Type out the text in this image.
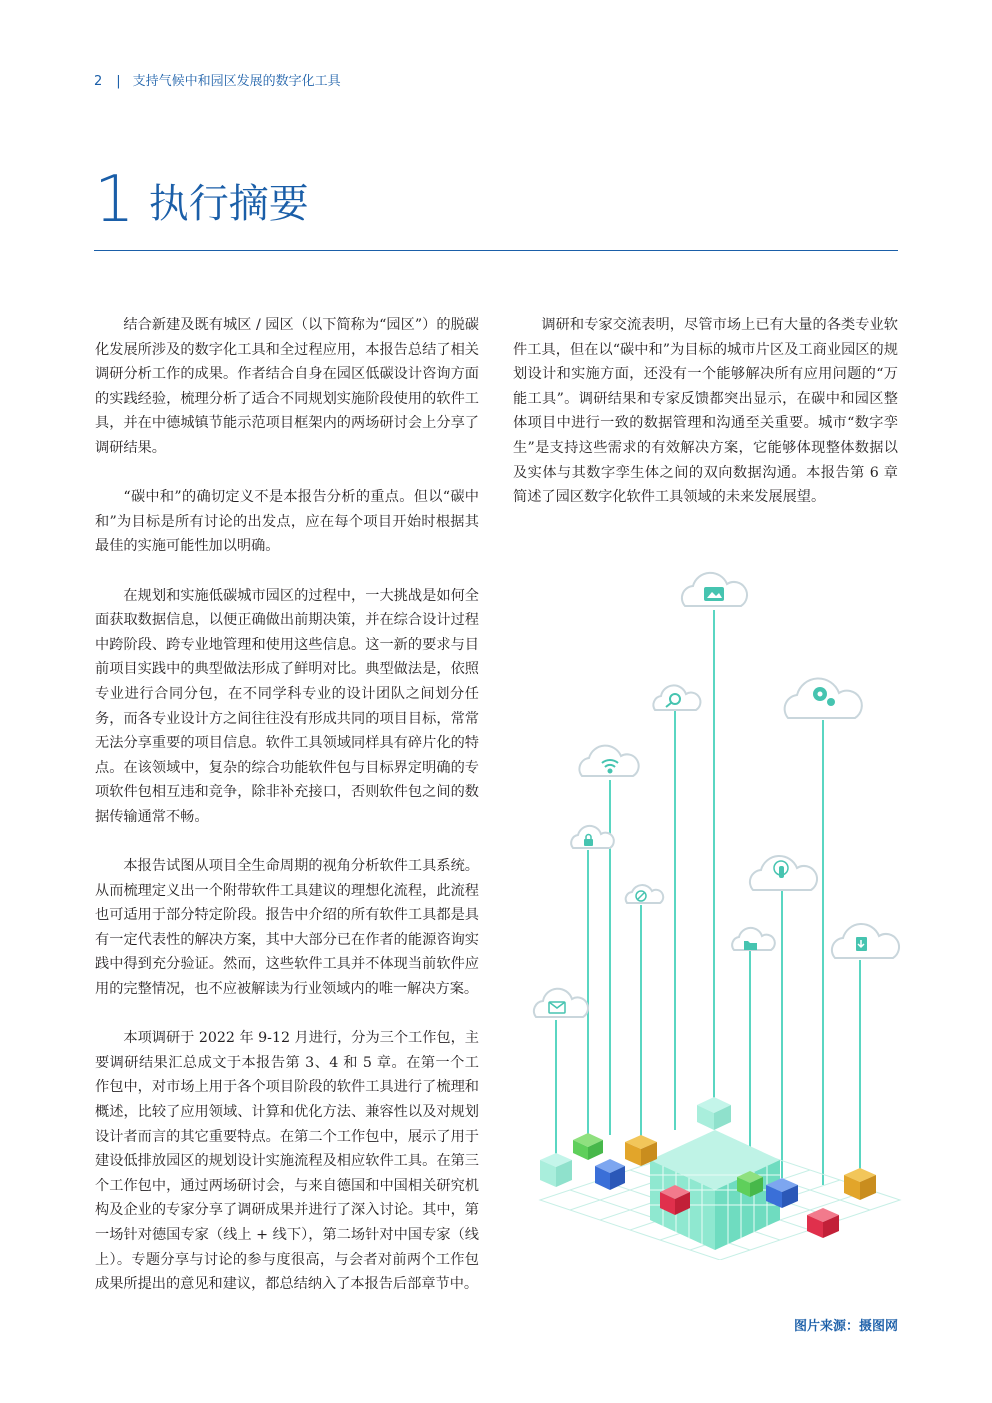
2 | 支持气候中和园区发展的数字化工具
1 执行摘要

结合新建及既有城区 / 园区（以下简称为“园区”）的脱碳化发展所涉及的数字化工具和全过程应用，本报告总结了相关调研分析工作的成果。作者结合自身在园区低碳设计咨询方面的实践经验，梳理分析了适合不同规划实施阶段使用的软件工具，并在中德城镇节能示范项目框架内的两场研讨会上分享了调研结果。

“碳中和”的确切定义不是本报告分析的重点。但以“碳中和”为目标是所有讨论的出发点，应在每个项目开始时根据其最佳的实施可能性加以明确。

在规划和实施低碳城市园区的过程中，一大挑战是如何全面获取数据信息，以便正确做出前期决策，并在综合设计过程中跨阶段、跨专业地管理和使用这些信息。这一新的要求与目前项目实践中的典型做法形成了鲜明对比。典型做法是，依照专业进行合同分包，在不同学科专业的设计团队之间划分任务，而各专业设计方之间往往没有形成共同的项目目标，常常无法分享重要的项目信息。软件工具领域同样具有碎片化的特点。在该领域中，复杂的综合功能软件包与目标界定明确的专项软件包相互违和竞争，除非补充接口，否则软件包之间的数据传输通常不畅。

本报告试图从项目全生命周期的视角分析软件工具系统。从而梳理定义出一个附带软件工具建议的理想化流程，此流程也可适用于部分特定阶段。报告中介绍的所有软件工具都是具有一定代表性的解决方案，其中大部分已在作者的能源咨询实践中得到充分验证。然而，这些软件工具并不体现当前软件应用的完整情况，也不应被解读为行业领域内的唯一解决方案。

本项调研于 2022 年 9-12 月进行，分为三个工作包，主要调研结果汇总成文于本报告第 3、4 和 5 章。在第一个工作包中，对市场上用于各个项目阶段的软件工具进行了梳理和概述，比较了应用领域、计算和优化方法、兼容性以及对规划设计者而言的其它重要特点。在第二个工作包中，展示了用于建设低排放园区的规划设计实施流程及相应软件工具。在第三个工作包中，通过两场研讨会，与来自德国和中国相关研究机构及企业的专家分享了调研成果并进行了深入讨论。其中，第一场针对德国专家（线上 + 线下），第二场针对中国专家（线上）。专题分享与讨论的参与度很高，与会者对前两个工作包成果所提出的意见和建议，都总结纳入了本报告后部章节中。

调研和专家交流表明，尽管市场上已有大量的各类专业软件工具，但在以“碳中和”为目标的城市片区及工商业园区的规划设计和实施方面，还没有一个能够解决所有应用问题的“万能工具”。调研结果和专家反馈都突出显示，在碳中和园区整体项目中进行一致的数据管理和沟通至关重要。城市“数字孪生”是支持这些需求的有效解决方案，它能够体现整体数据以及实体与其数字孪生体之间的双向数据沟通。本报告第 6 章简述了园区数字化软件工具领域的未来发展展望。

图片来源：摄图网
